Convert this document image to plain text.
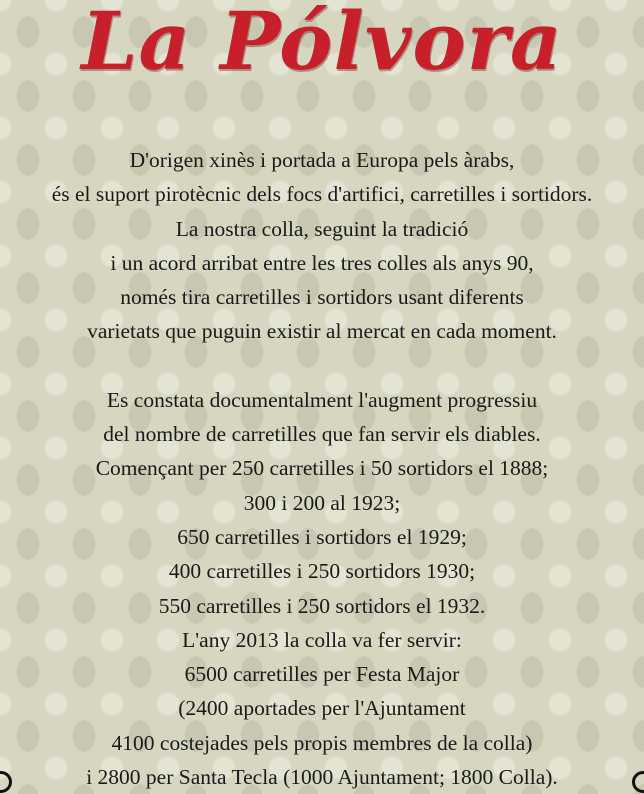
La Pólvora
D'origen xinès i portada a Europa pels àrabs,
és el suport pirotècnic dels focs d'artifici, carretilles i sortidors.
La nostra colla, seguint la tradició
i un acord arribat entre les tres colles als anys 90,
només tira carretilles i sortidors usant diferents
varietats que puguin existir al mercat en cada moment.
Es constata documentalment l'augment progressiu
del nombre de carretilles que fan servir els diables.
Començant per 250 carretilles i 50 sortidors el 1888;
300 i 200 al 1923;
650 carretilles i sortidors el 1929;
400 carretilles i 250 sortidors 1930;
550 carretilles i 250 sortidors el 1932.
L'any 2013 la colla va fer servir:
6500 carretilles per Festa Major
(2400 aportades per l'Ajuntament
4100 costejades pels propis membres de la colla)
i 2800 per Santa Tecla (1000 Ajuntament; 1800 Colla).
